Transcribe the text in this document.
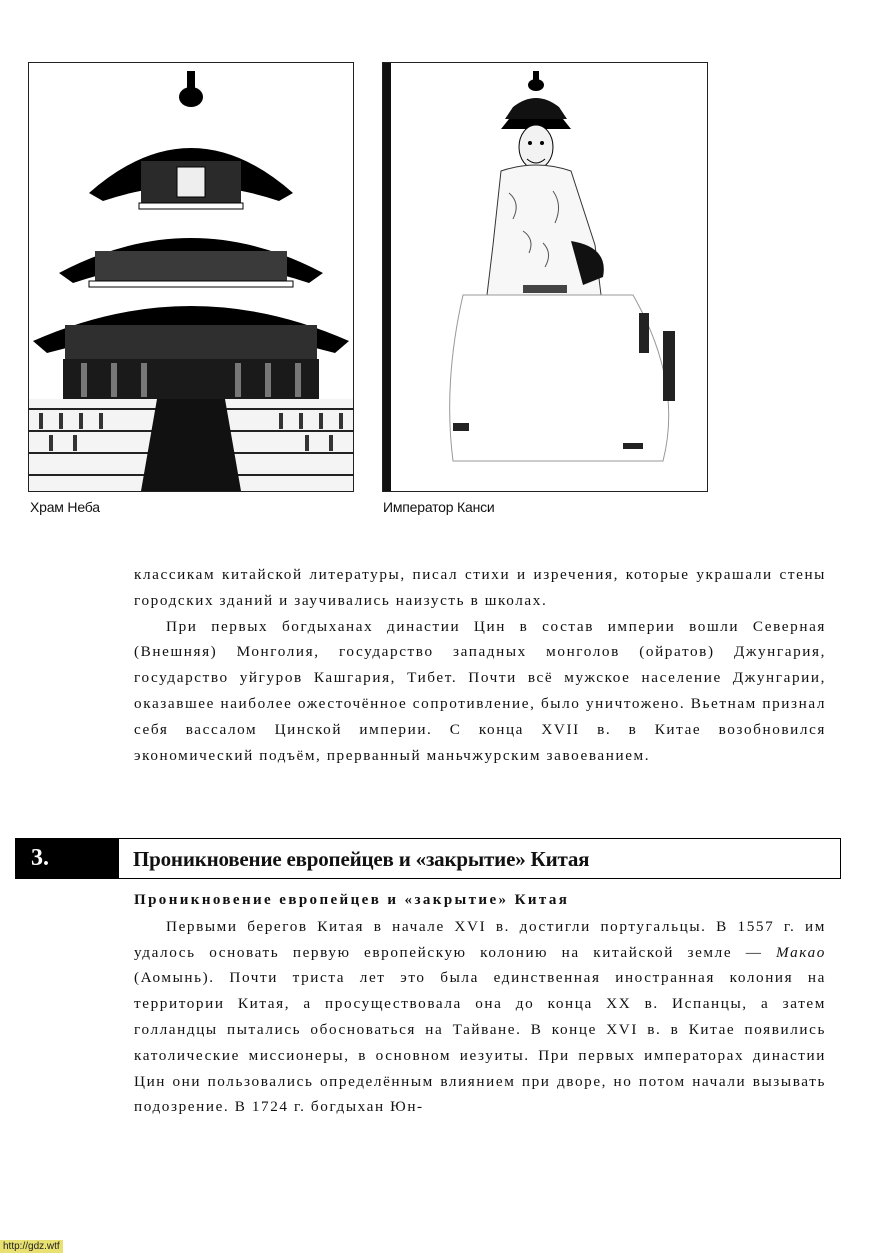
Храм Неба	Император Канси

классикам китайской литературы, писал стихи и изречения, которые украшали стены городских зданий и заучивались наизусть в школах.

При первых богдыханах династии Цин в состав империи вошли Северная (Внешняя) Монголия, государство западных монголов (ойратов) Джунгария, государство уйгуров Кашгария, Тибет. Почти всё мужское население Джунгарии, оказавшее наиболее ожесточённое сопротивление, было уничтожено. Вьетнам признал себя вассалом Цинской империи. С конца XVII в. в Китае возобновился экономический подъём, прерванный маньчжурским завоеванием.

3.	Проникновение европейцев и «закрытие» Китая

Проникновение европейцев и «закрытие» Китая

Первыми берегов Китая в начале XVI в. достигли португальцы. В 1557 г. им удалось основать первую европейскую колонию на китайской земле — Макао (Аомынь). Почти триста лет это была единственная иностранная колония на территории Китая, а просуществовала она до конца XX в. Испанцы, а затем голландцы пытались обосноваться на Тайване. В конце XVI в. в Китае появились католические миссионеры, в основном иезуиты. При первых императорах династии Цин они пользовались определённым влиянием при дворе, но потом начали вызывать подозрение. В 1724 г. богдыхан Юн-

http://gdz.wtf
